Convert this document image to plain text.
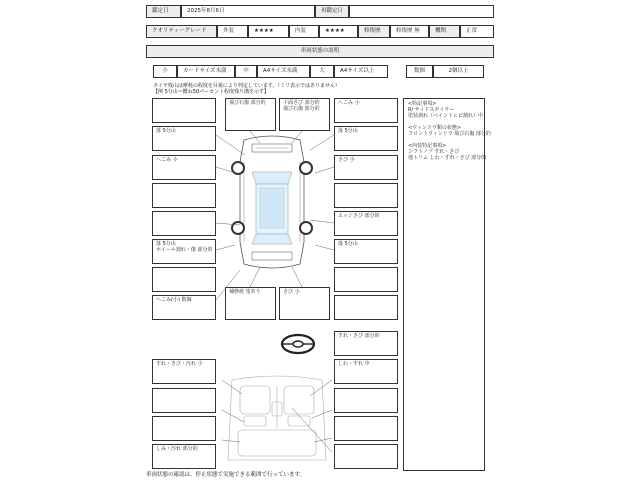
鑑定日	2025年8月6日	再鑑定日
クオリティーグレード	外装	★★★★	内装	★★★★	修復歴	修復歴 無	機関	正常
車両状態の説明
小	カードサイズ未満	中	A4サイズ未満	大	A4サイズ以上	数個	2個以上
タイヤ残山は摩耗の程度を目視により判定しています。（ミリ表示ではありません）
【例 5分山＝概ね50パーセント程度残り溝を示す】

<特記事項>

R/ サイドスポイラー

塗装剥れ（ペイントヒビ割れ）中

<ウィンドウ類の状態>

フロントウィンドウ 飛び石傷 部分的

<内装特記事項>

シフトノブ すれ・さび

他トリム しわ・すれ・さび 部分的

落 5分山
へこみ 小
落 5分山
ホイール割れ・傷 部分的
へこみ(小) 数個
飛び石傷 部分的	下面さび 部分的
飛び石傷 部分的
へこみ 小
落 5分山
さび 小
エッジさび 部分的
落 5分山
補修痕 塗あり	さび 小
すれ・さび 部分的
しわ・すれ 中
すれ・さび・汚れ 小
しみ・汚れ 部分的
車両状態の確認は、停止状態で実施できる範囲で行っています。
